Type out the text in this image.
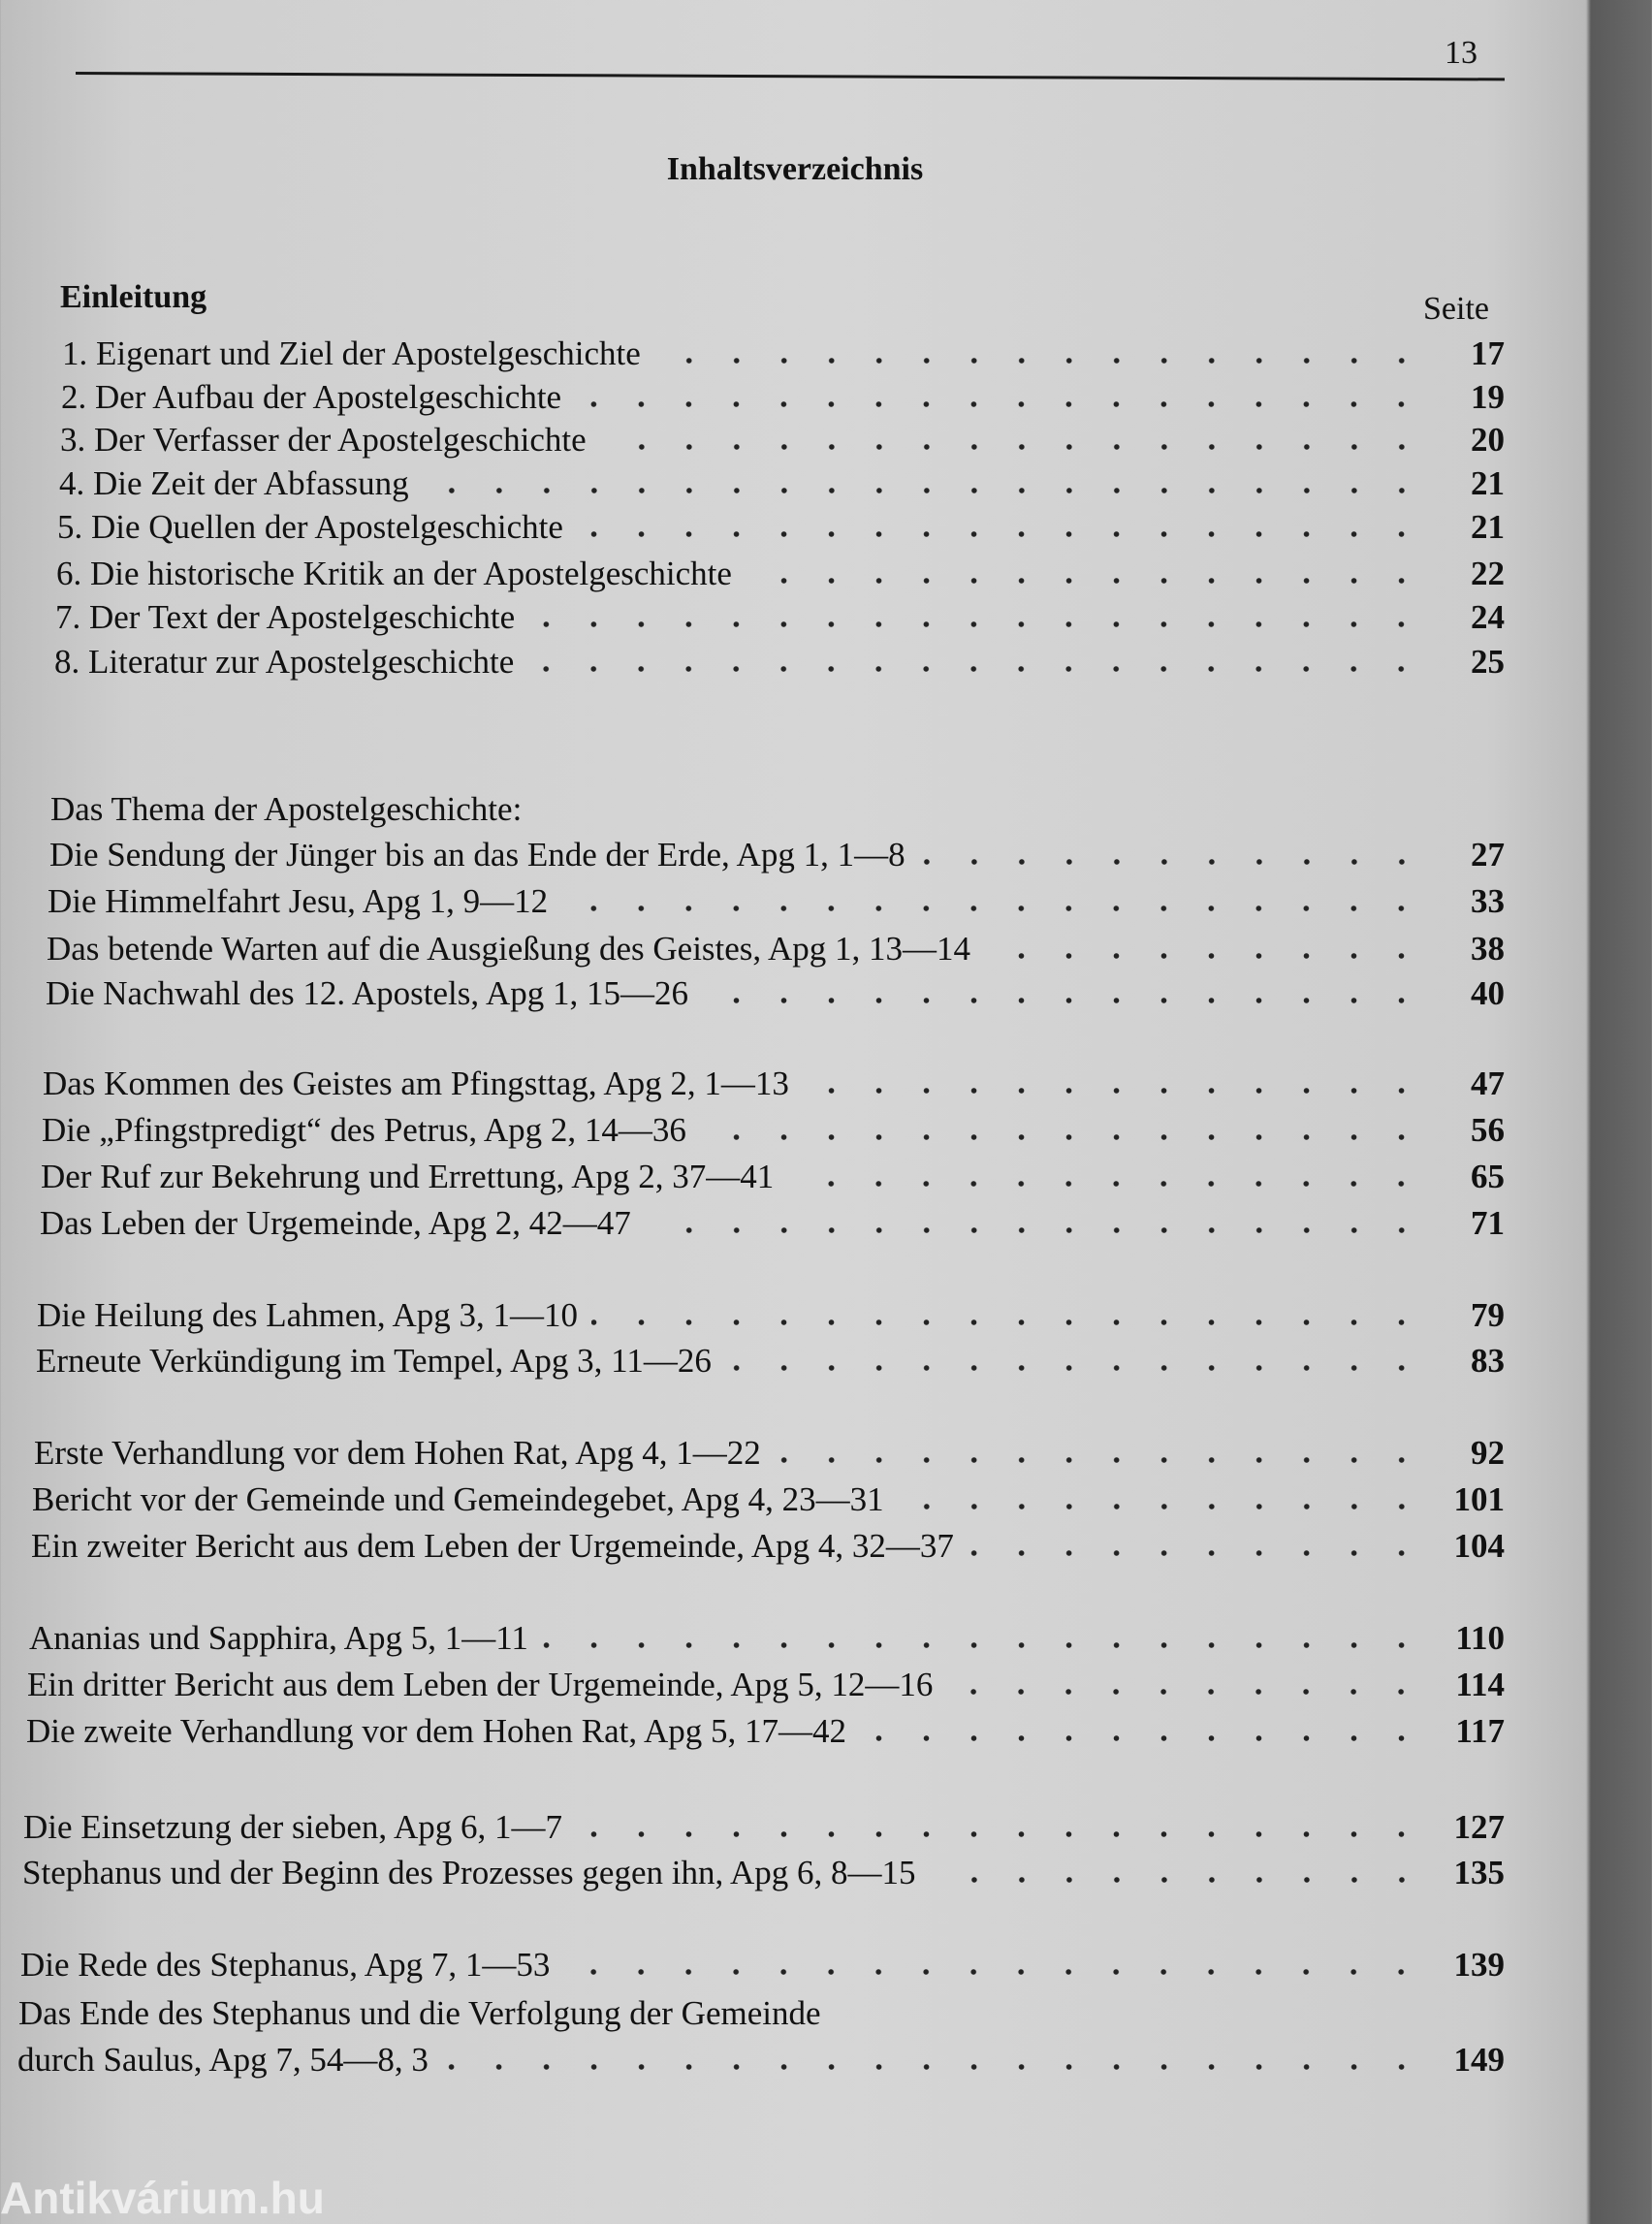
13
Inhaltsverzeichnis
Einleitung	Seite
1. Eigenart und Ziel der Apostelgeschichte	17
2. Der Aufbau der Apostelgeschichte	19
3. Der Verfasser der Apostelgeschichte	20
4. Die Zeit der Abfassung	21
5. Die Quellen der Apostelgeschichte	21
6. Die historische Kritik an der Apostelgeschichte	22
7. Der Text der Apostelgeschichte	24
8. Literatur zur Apostelgeschichte	25
Das Thema der Apostelgeschichte:
Die Sendung der Jünger bis an das Ende der Erde, Apg 1, 1—8	27
Die Himmelfahrt Jesu, Apg 1, 9—12	33
Das betende Warten auf die Ausgießung des Geistes, Apg 1, 13—14	38
Die Nachwahl des 12. Apostels, Apg 1, 15—26	40
Das Kommen des Geistes am Pfingsttag, Apg 2, 1—13	47
Die „Pfingstpredigt“ des Petrus, Apg 2, 14—36	56
Der Ruf zur Bekehrung und Errettung, Apg 2, 37—41	65
Das Leben der Urgemeinde, Apg 2, 42—47	71
Die Heilung des Lahmen, Apg 3, 1—10	79
Erneute Verkündigung im Tempel, Apg 3, 11—26	83
Erste Verhandlung vor dem Hohen Rat, Apg 4, 1—22	92
Bericht vor der Gemeinde und Gemeindegebet, Apg 4, 23—31	101
Ein zweiter Bericht aus dem Leben der Urgemeinde, Apg 4, 32—37	104
Ananias und Sapphira, Apg 5, 1—11	110
Ein dritter Bericht aus dem Leben der Urgemeinde, Apg 5, 12—16	114
Die zweite Verhandlung vor dem Hohen Rat, Apg 5, 17—42	117
Die Einsetzung der sieben, Apg 6, 1—7	127
Stephanus und der Beginn des Prozesses gegen ihn, Apg 6, 8—15	135
Die Rede des Stephanus, Apg 7, 1—53	139
Das Ende des Stephanus und die Verfolgung der Gemeinde
durch Saulus, Apg 7, 54—8, 3	149
Antikvárium.hu
